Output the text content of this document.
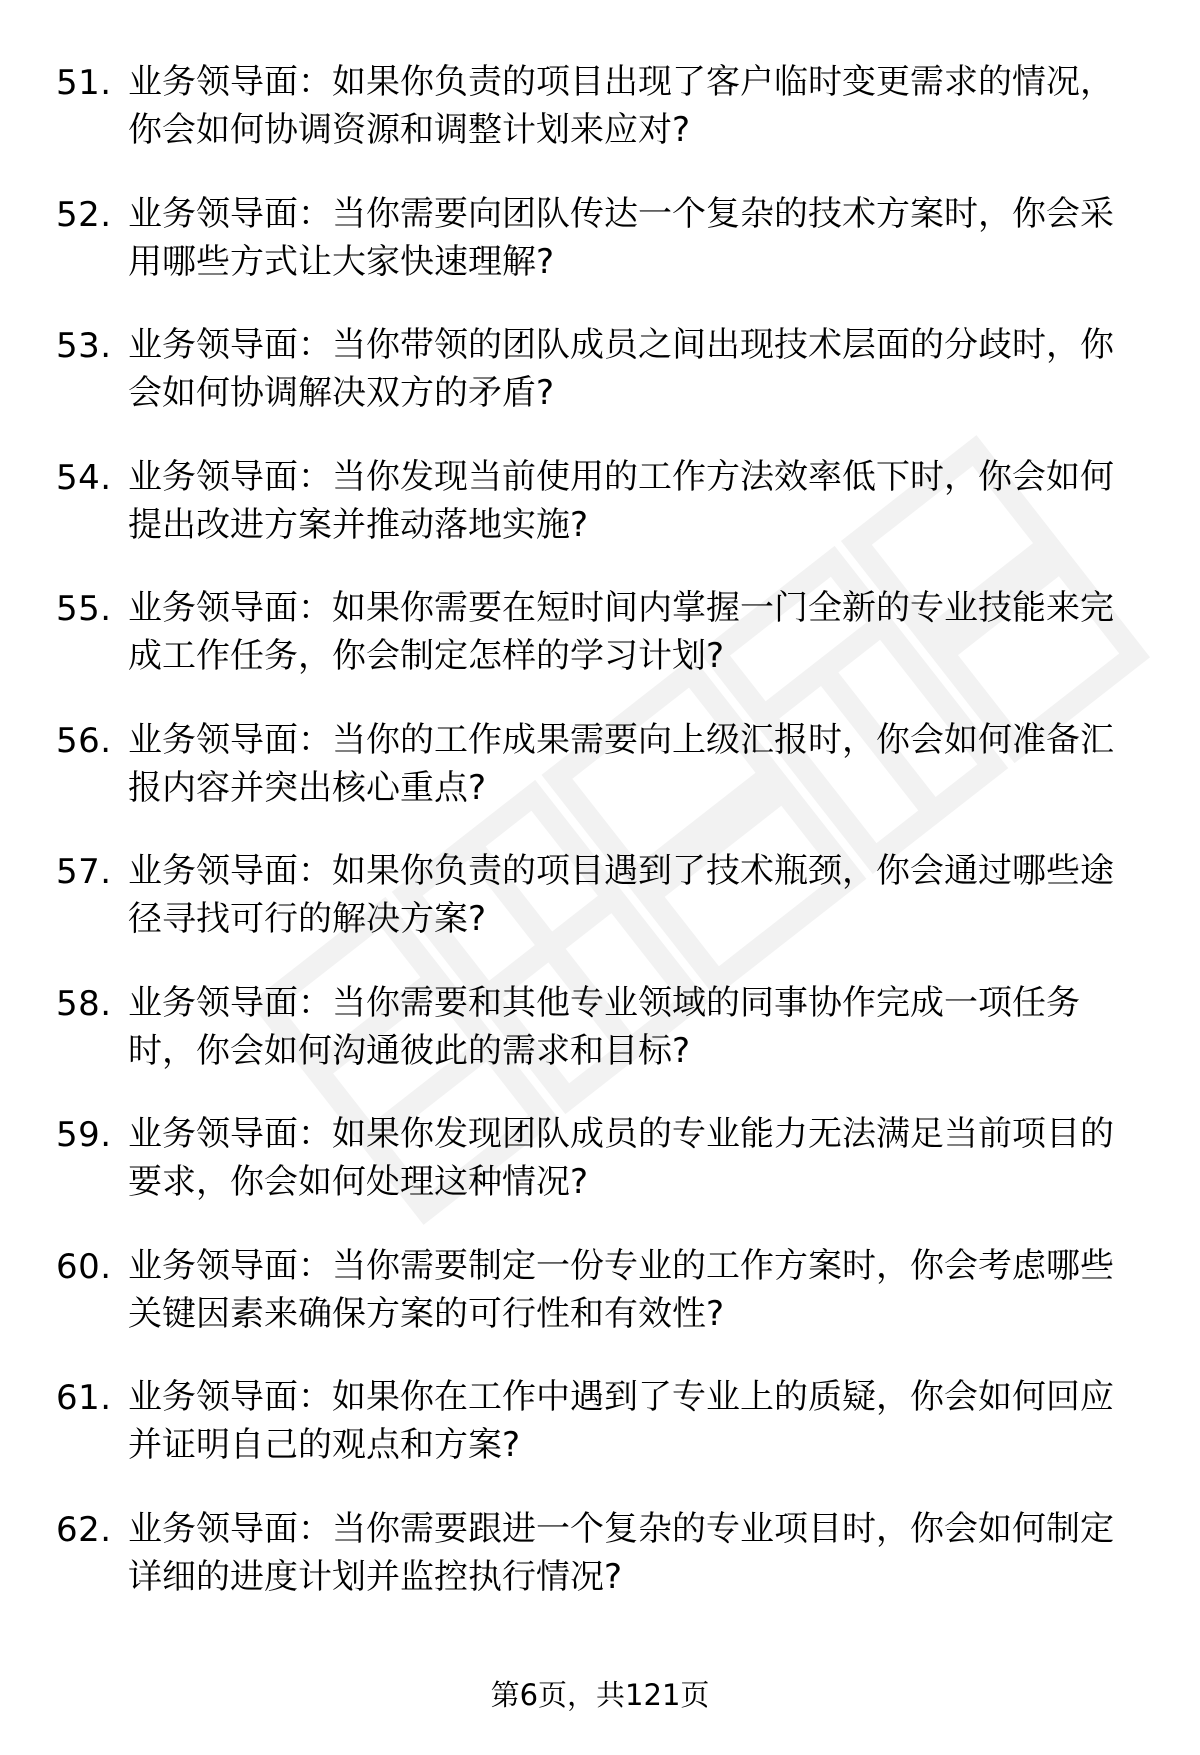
51. 业务领导面：如果你负责的项目出现了客户临时变更需求的情况，你会如何协调资源和调整计划来应对?
52. 业务领导面：当你需要向团队传达一个复杂的技术方案时，你会采用哪些方式让大家快速理解?
53. 业务领导面：当你带领的团队成员之间出现技术层面的分歧时，你会如何协调解决双方的矛盾?
54. 业务领导面：当你发现当前使用的工作方法效率低下时，你会如何提出改进方案并推动落地实施?
55. 业务领导面：如果你需要在短时间内掌握一门全新的专业技能来完成工作任务，你会制定怎样的学习计划?
56. 业务领导面：当你的工作成果需要向上级汇报时，你会如何准备汇报内容并突出核心重点?
57. 业务领导面：如果你负责的项目遇到了技术瓶颈，你会通过哪些途径寻找可行的解决方案?
58. 业务领导面：当你需要和其他专业领域的同事协作完成一项任务时，你会如何沟通彼此的需求和目标?
59. 业务领导面：如果你发现团队成员的专业能力无法满足当前项目的要求，你会如何处理这种情况?
60. 业务领导面：当你需要制定一份专业的工作方案时，你会考虑哪些关键因素来确保方案的可行性和有效性?
61. 业务领导面：如果你在工作中遇到了专业上的质疑，你会如何回应并证明自己的观点和方案?
62. 业务领导面：当你需要跟进一个复杂的专业项目时，你会如何制定详细的进度计划并监控执行情况?
第6页，共121页
